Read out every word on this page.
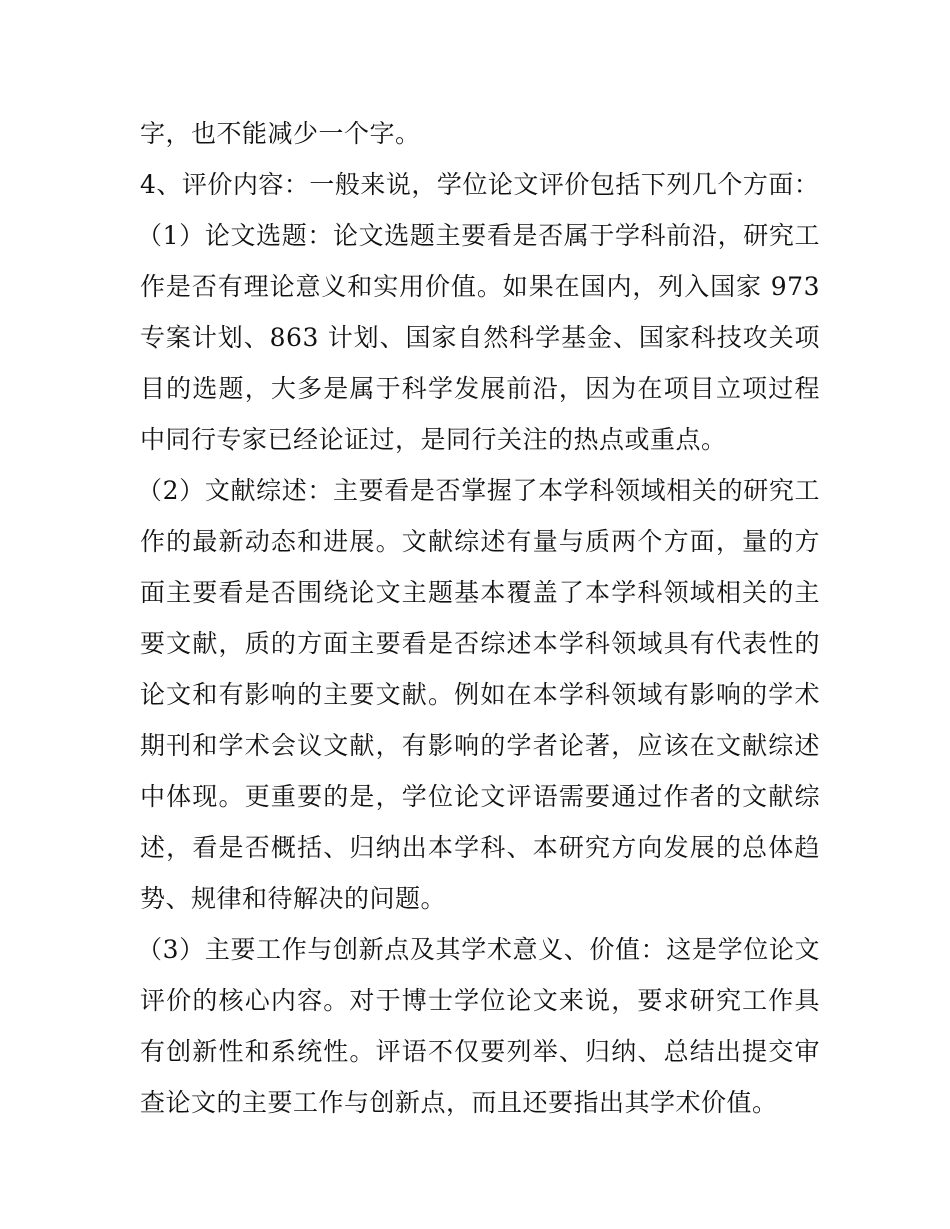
字，也不能减少一个字。

4、评价内容：一般来说，学位论文评价包括下列几个方面：

（1）论文选题：论文选题主要看是否属于学科前沿，研究工作是否有理论意义和实用价值。如果在国内，列入国家 973 专案计划、863 计划、国家自然科学基金、国家科技攻关项目的选题，大多是属于科学发展前沿，因为在项目立项过程中同行专家已经论证过，是同行关注的热点或重点。

（2）文献综述：主要看是否掌握了本学科领域相关的研究工作的最新动态和进展。文献综述有量与质两个方面，量的方面主要看是否围绕论文主题基本覆盖了本学科领域相关的主要文献，质的方面主要看是否综述本学科领域具有代表性的论文和有影响的主要文献。例如在本学科领域有影响的学术期刊和学术会议文献，有影响的学者论著，应该在文献综述中体现。更重要的是，学位论文评语需要通过作者的文献综述，看是否概括、归纳出本学科、本研究方向发展的总体趋势、规律和待解决的问题。

（3）主要工作与创新点及其学术意义、价值：这是学位论文评价的核心内容。对于博士学位论文来说，要求研究工作具有创新性和系统性。评语不仅要列举、归纳、总结出提交审查论文的主要工作与创新点，而且还要指出其学术价值。
